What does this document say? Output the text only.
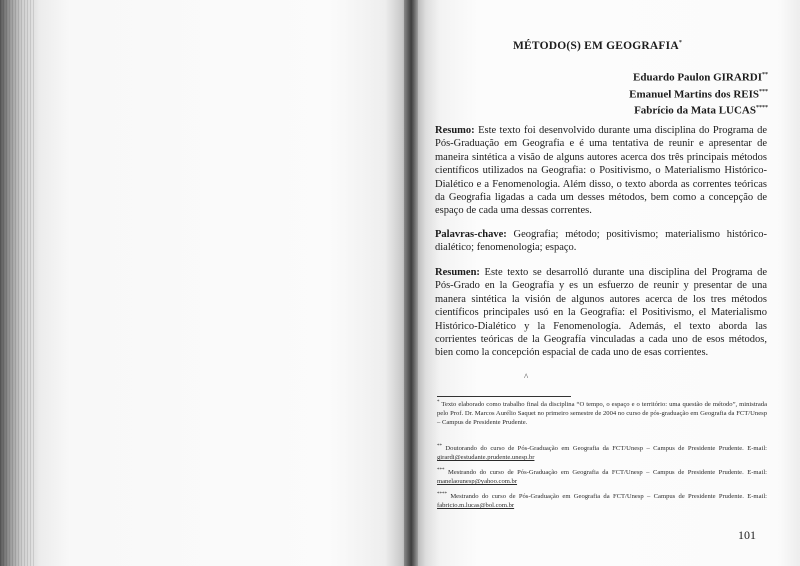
MÉTODO(S) EM GEOGRAFIA*
Eduardo Paulon GIRARDI**
Emanuel Martins dos REIS***
Fabrício da Mata LUCAS****
Resumo: Este texto foi desenvolvido durante uma disciplina do Programa de Pós-Graduação em Geografia e é uma tentativa de reunir e apresentar de maneira sintética a visão de alguns autores acerca dos três principais métodos científicos utilizados na Geografia: o Positivismo, o Materialismo Histórico-Dialético e a Fenomenologia. Além disso, o texto aborda as correntes teóricas da Geografia ligadas a cada um desses métodos, bem como a concepção de espaço de cada uma dessas correntes.
Palavras-chave: Geografia; método; positivismo; materialismo histórico-dialético; fenomenologia; espaço.
Resumen: Este texto se desarrolló durante una disciplina del Programa de Pós-Grado en la Geografía y es un esfuerzo de reunir y presentar de una manera sintética la visión de algunos autores acerca de los tres métodos científicos principales usó en la Geografía: el Positivismo, el Materialismo Histórico-Dialético y la Fenomenología. Además, el texto aborda las corrientes teóricas de la Geografía vinculadas a cada uno de esos métodos, bien como la concepción espacial de cada uno de esas corrientes.
^
* Texto elaborado como trabalho final da disciplina “O tempo, o espaço e o território: uma questão de método”, ministrada pelo Prof. Dr. Marcos Aurélio Saquet no primeiro semestre de 2004 no curso de pós-graduação em Geografia da FCT/Unesp – Campus de Presidente Prudente.
** Doutorando do curso de Pós-Graduação em Geografia da FCT/Unesp – Campus de Presidente Prudente. E-mail: girardi@estudante.prudente.unesp.br
*** Mestrando do curso de Pós-Graduação em Geografia da FCT/Unesp – Campus de Presidente Prudente. E-mail: manelaounesp@yahoo.com.br
**** Mestrando do curso de Pós-Graduação em Geografia da FCT/Unesp – Campus de Presidente Prudente. E-mail: fabricio.m.lucas@bol.com.br
101
